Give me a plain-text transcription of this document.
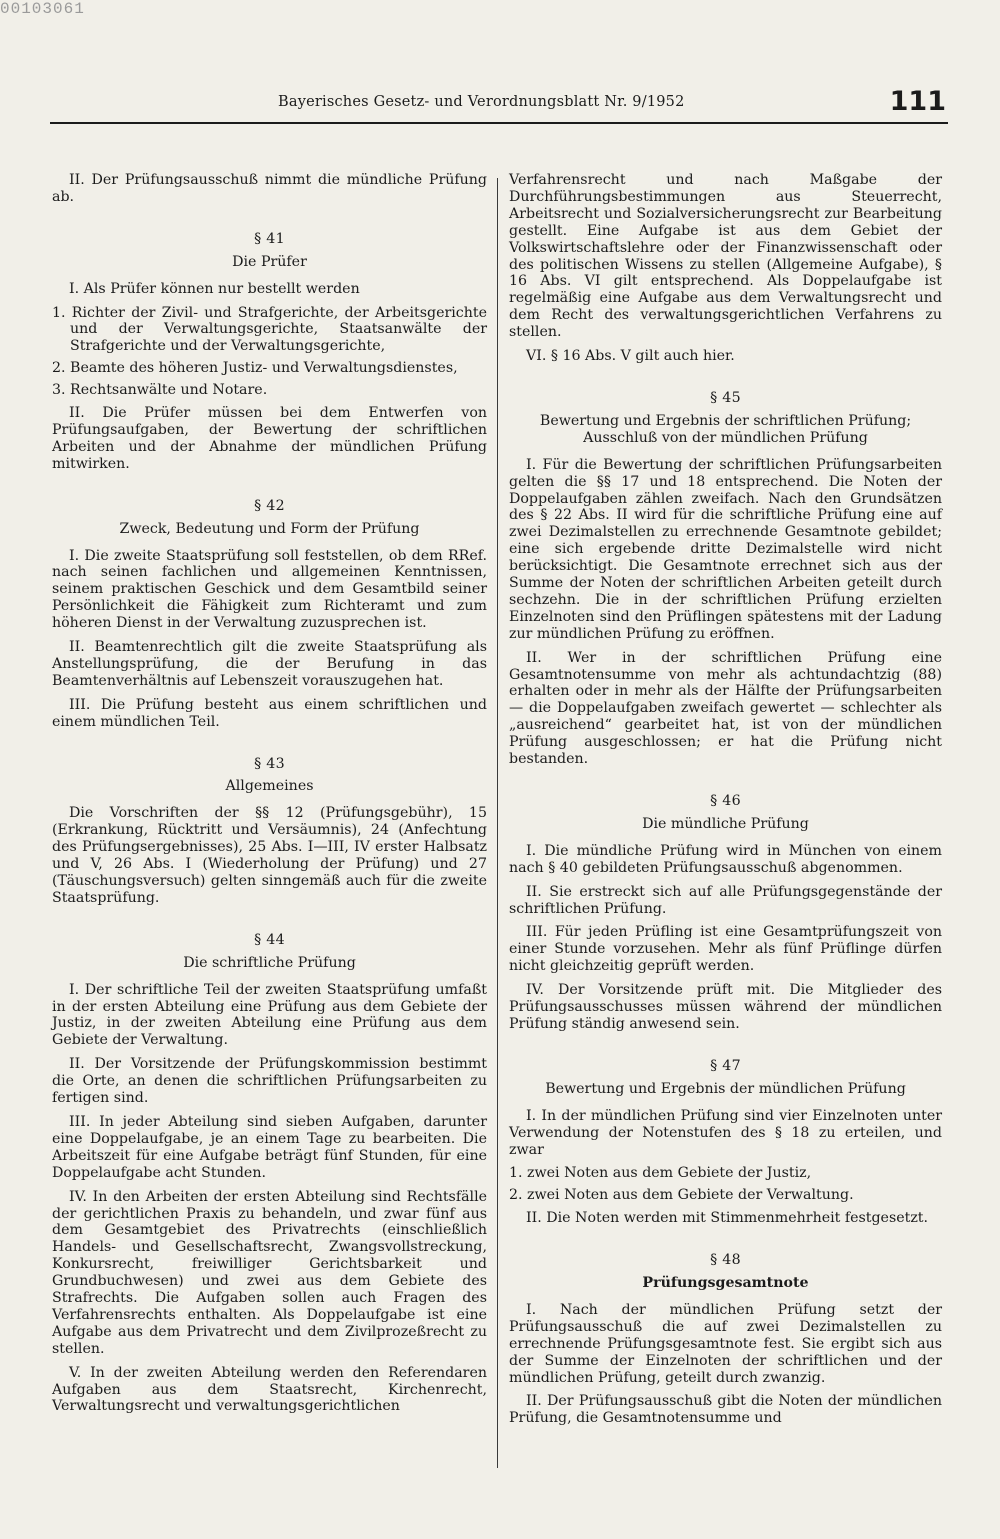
00103061
Bayerisches Gesetz- und Verordnungsblatt Nr. 9/1952	111

II. Der Prüfungsausschuß nimmt die mündliche Prüfung ab.

§ 41
Die Prüfer

I. Als Prüfer können nur bestellt werden

1. Richter der Zivil- und Strafgerichte, der Arbeitsgerichte und der Verwaltungsgerichte, Staatsanwälte der Strafgerichte und der Verwaltungsgerichte,
2. Beamte des höheren Justiz- und Verwaltungsdienstes,
3. Rechtsanwälte und Notare.

II. Die Prüfer müssen bei dem Entwerfen von Prüfungsaufgaben, der Bewertung der schriftlichen Arbeiten und der Abnahme der mündlichen Prüfung mitwirken.

§ 42
Zweck, Bedeutung und Form der Prüfung

I. Die zweite Staatsprüfung soll feststellen, ob dem RRef. nach seinen fachlichen und allgemeinen Kenntnissen, seinem praktischen Geschick und dem Gesamtbild seiner Persönlichkeit die Fähigkeit zum Richteramt und zum höheren Dienst in der Verwaltung zuzusprechen ist.

II. Beamtenrechtlich gilt die zweite Staatsprüfung als Anstellungsprüfung, die der Berufung in das Beamtenverhältnis auf Lebenszeit vorauszugehen hat.

III. Die Prüfung besteht aus einem schriftlichen und einem mündlichen Teil.

§ 43
Allgemeines

Die Vorschriften der §§ 12 (Prüfungsgebühr), 15 (Erkrankung, Rücktritt und Versäumnis), 24 (Anfechtung des Prüfungsergebnisses), 25 Abs. I—III, IV erster Halbsatz und V, 26 Abs. I (Wiederholung der Prüfung) und 27 (Täuschungsversuch) gelten sinngemäß auch für die zweite Staatsprüfung.

§ 44
Die schriftliche Prüfung

I. Der schriftliche Teil der zweiten Staatsprüfung umfaßt in der ersten Abteilung eine Prüfung aus dem Gebiete der Justiz, in der zweiten Abteilung eine Prüfung aus dem Gebiete der Verwaltung.

II. Der Vorsitzende der Prüfungskommission bestimmt die Orte, an denen die schriftlichen Prüfungsarbeiten zu fertigen sind.

III. In jeder Abteilung sind sieben Aufgaben, darunter eine Doppelaufgabe, je an einem Tage zu bearbeiten. Die Arbeitszeit für eine Aufgabe beträgt fünf Stunden, für eine Doppelaufgabe acht Stunden.

IV. In den Arbeiten der ersten Abteilung sind Rechtsfälle der gerichtlichen Praxis zu behandeln, und zwar fünf aus dem Gesamtgebiet des Privatrechts (einschließlich Handels- und Gesellschaftsrecht, Zwangsvollstreckung, Konkursrecht, freiwilliger Gerichtsbarkeit und Grundbuchwesen) und zwei aus dem Gebiete des Strafrechts. Die Aufgaben sollen auch Fragen des Verfahrensrechts enthalten. Als Doppelaufgabe ist eine Aufgabe aus dem Privatrecht und dem Zivilprozeßrecht zu stellen.

V. In der zweiten Abteilung werden den Referendaren Aufgaben aus dem Staatsrecht, Kirchenrecht, Verwaltungsrecht und verwaltungsgerichtlichen

Verfahrensrecht und nach Maßgabe der Durchführungsbestimmungen aus Steuerrecht, Arbeitsrecht und Sozialversicherungsrecht zur Bearbeitung gestellt. Eine Aufgabe ist aus dem Gebiet der Volkswirtschaftslehre oder der Finanzwissenschaft oder des politischen Wissens zu stellen (Allgemeine Aufgabe), § 16 Abs. VI gilt entsprechend. Als Doppelaufgabe ist regelmäßig eine Aufgabe aus dem Verwaltungsrecht und dem Recht des verwaltungsgerichtlichen Verfahrens zu stellen.

VI. § 16 Abs. V gilt auch hier.

§ 45
Bewertung und Ergebnis der schriftlichen Prüfung; Ausschluß von der mündlichen Prüfung

I. Für die Bewertung der schriftlichen Prüfungsarbeiten gelten die §§ 17 und 18 entsprechend. Die Noten der Doppelaufgaben zählen zweifach. Nach den Grundsätzen des § 22 Abs. II wird für die schriftliche Prüfung eine auf zwei Dezimalstellen zu errechnende Gesamtnote gebildet; eine sich ergebende dritte Dezimalstelle wird nicht berücksichtigt. Die Gesamtnote errechnet sich aus der Summe der Noten der schriftlichen Arbeiten geteilt durch sechzehn. Die in der schriftlichen Prüfung erzielten Einzelnoten sind den Prüflingen spätestens mit der Ladung zur mündlichen Prüfung zu eröffnen.

II. Wer in der schriftlichen Prüfung eine Gesamtnotensumme von mehr als achtundachtzig (88) erhalten oder in mehr als der Hälfte der Prüfungsarbeiten — die Doppelaufgaben zweifach gewertet — schlechter als „ausreichend“ gearbeitet hat, ist von der mündlichen Prüfung ausgeschlossen; er hat die Prüfung nicht bestanden.

§ 46
Die mündliche Prüfung

I. Die mündliche Prüfung wird in München von einem nach § 40 gebildeten Prüfungsausschuß abgenommen.

II. Sie erstreckt sich auf alle Prüfungsgegenstände der schriftlichen Prüfung.

III. Für jeden Prüfling ist eine Gesamtprüfungszeit von einer Stunde vorzusehen. Mehr als fünf Prüflinge dürfen nicht gleichzeitig geprüft werden.

IV. Der Vorsitzende prüft mit. Die Mitglieder des Prüfungsausschusses müssen während der mündlichen Prüfung ständig anwesend sein.

§ 47
Bewertung und Ergebnis der mündlichen Prüfung

I. In der mündlichen Prüfung sind vier Einzelnoten unter Verwendung der Notenstufen des § 18 zu erteilen, und zwar

1. zwei Noten aus dem Gebiete der Justiz,
2. zwei Noten aus dem Gebiete der Verwaltung.

II. Die Noten werden mit Stimmenmehrheit festgesetzt.

§ 48
Prüfungsgesamtnote

I. Nach der mündlichen Prüfung setzt der Prüfungsausschuß die auf zwei Dezimalstellen zu errechnende Prüfungsgesamtnote fest. Sie ergibt sich aus der Summe der Einzelnoten der schriftlichen und der mündlichen Prüfung, geteilt durch zwanzig.

II. Der Prüfungsausschuß gibt die Noten der mündlichen Prüfung, die Gesamtnotensumme und
